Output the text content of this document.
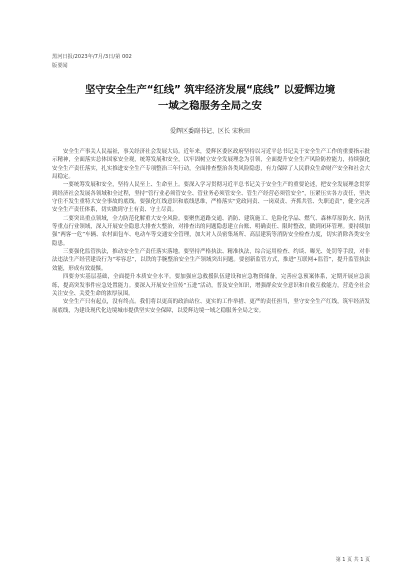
黑河日报/2023年/7月/3日/第 002
版要闻
坚守安全生产“红线” 筑牢经济发展“底线” 以爱辉边境
一域之稳服务全局之安
爱辉区委副书记、区长 宋秋田

安全生产事关人民福祉，事关经济社会发展大局。近年来，爱辉区委区政府坚持以习近平总书记关于安全生产工作的重要指示批示精神，全面落实总体国家安全观，统筹发展和安全，以牢固树立安全发展理念为引领，全面提升安全生产风险防控能力，持续强化安全生产责任落实，扎实推进安全生产专项整治三年行动，全面排查整治各类风险隐患，有力保障了人民群众生命财产安全和社会大局稳定。

一要统筹发展和安全，坚持人民至上、生命至上。要深入学习贯彻习近平总书记关于安全生产的重要论述，把安全发展理念贯穿到经济社会发展各领域和全过程，坚持“管行业必须管安全、管业务必须管安全、管生产经营必须管安全”，压紧压实各方责任，坚决守住不发生重特大安全事故的底线。要强化红线意识和底线思维，严格落实“党政同责、一岗双责、齐抓共管、失职追责”，健全完善安全生产责任体系，切实做到守土有责、守土尽责。

二要突出重点领域，全力防范化解重大安全风险。要聚焦道路交通、消防、建筑施工、危险化学品、燃气、森林草原防火、防汛等重点行业领域，深入开展安全隐患大排查大整治，对排查出的问题隐患建立台账、明确责任、限时整改，做到闭环管理。要持续加强“两客一危”车辆、农村面包车、电动车等交通安全管理，加大对人员密集场所、高层建筑等消防安全检查力度，切实消除各类安全隐患。

三要强化监管执法，推动安全生产责任落实落地。要坚持严格执法、精准执法，综合运用检查、约谈、曝光、处罚等手段，对非法违法生产经营建设行为“零容忍”，以铁的手腕整治安全生产领域突出问题。要创新监管方式，推进“互联网+监管”，提升监管执法效能，形成有效震慑。

四要夯实基层基础，全面提升本质安全水平。要加强应急救援队伍建设和应急物资储备，完善应急预案体系，定期开展应急演练，提高突发事件应急处置能力。要深入开展安全宣传“五进”活动，普及安全知识，增强群众安全意识和自救互救能力，营造全社会关注安全、关爱生命的浓厚氛围。

安全生产只有起点，没有终点。我们将以更高的政治站位、更实的工作举措、更严的责任担当，坚守安全生产红线，筑牢经济发展底线，为建设现代化边境城市提供坚实安全保障，以爱辉边境一域之稳服务全局之安。

第 1 页 共 1 页
